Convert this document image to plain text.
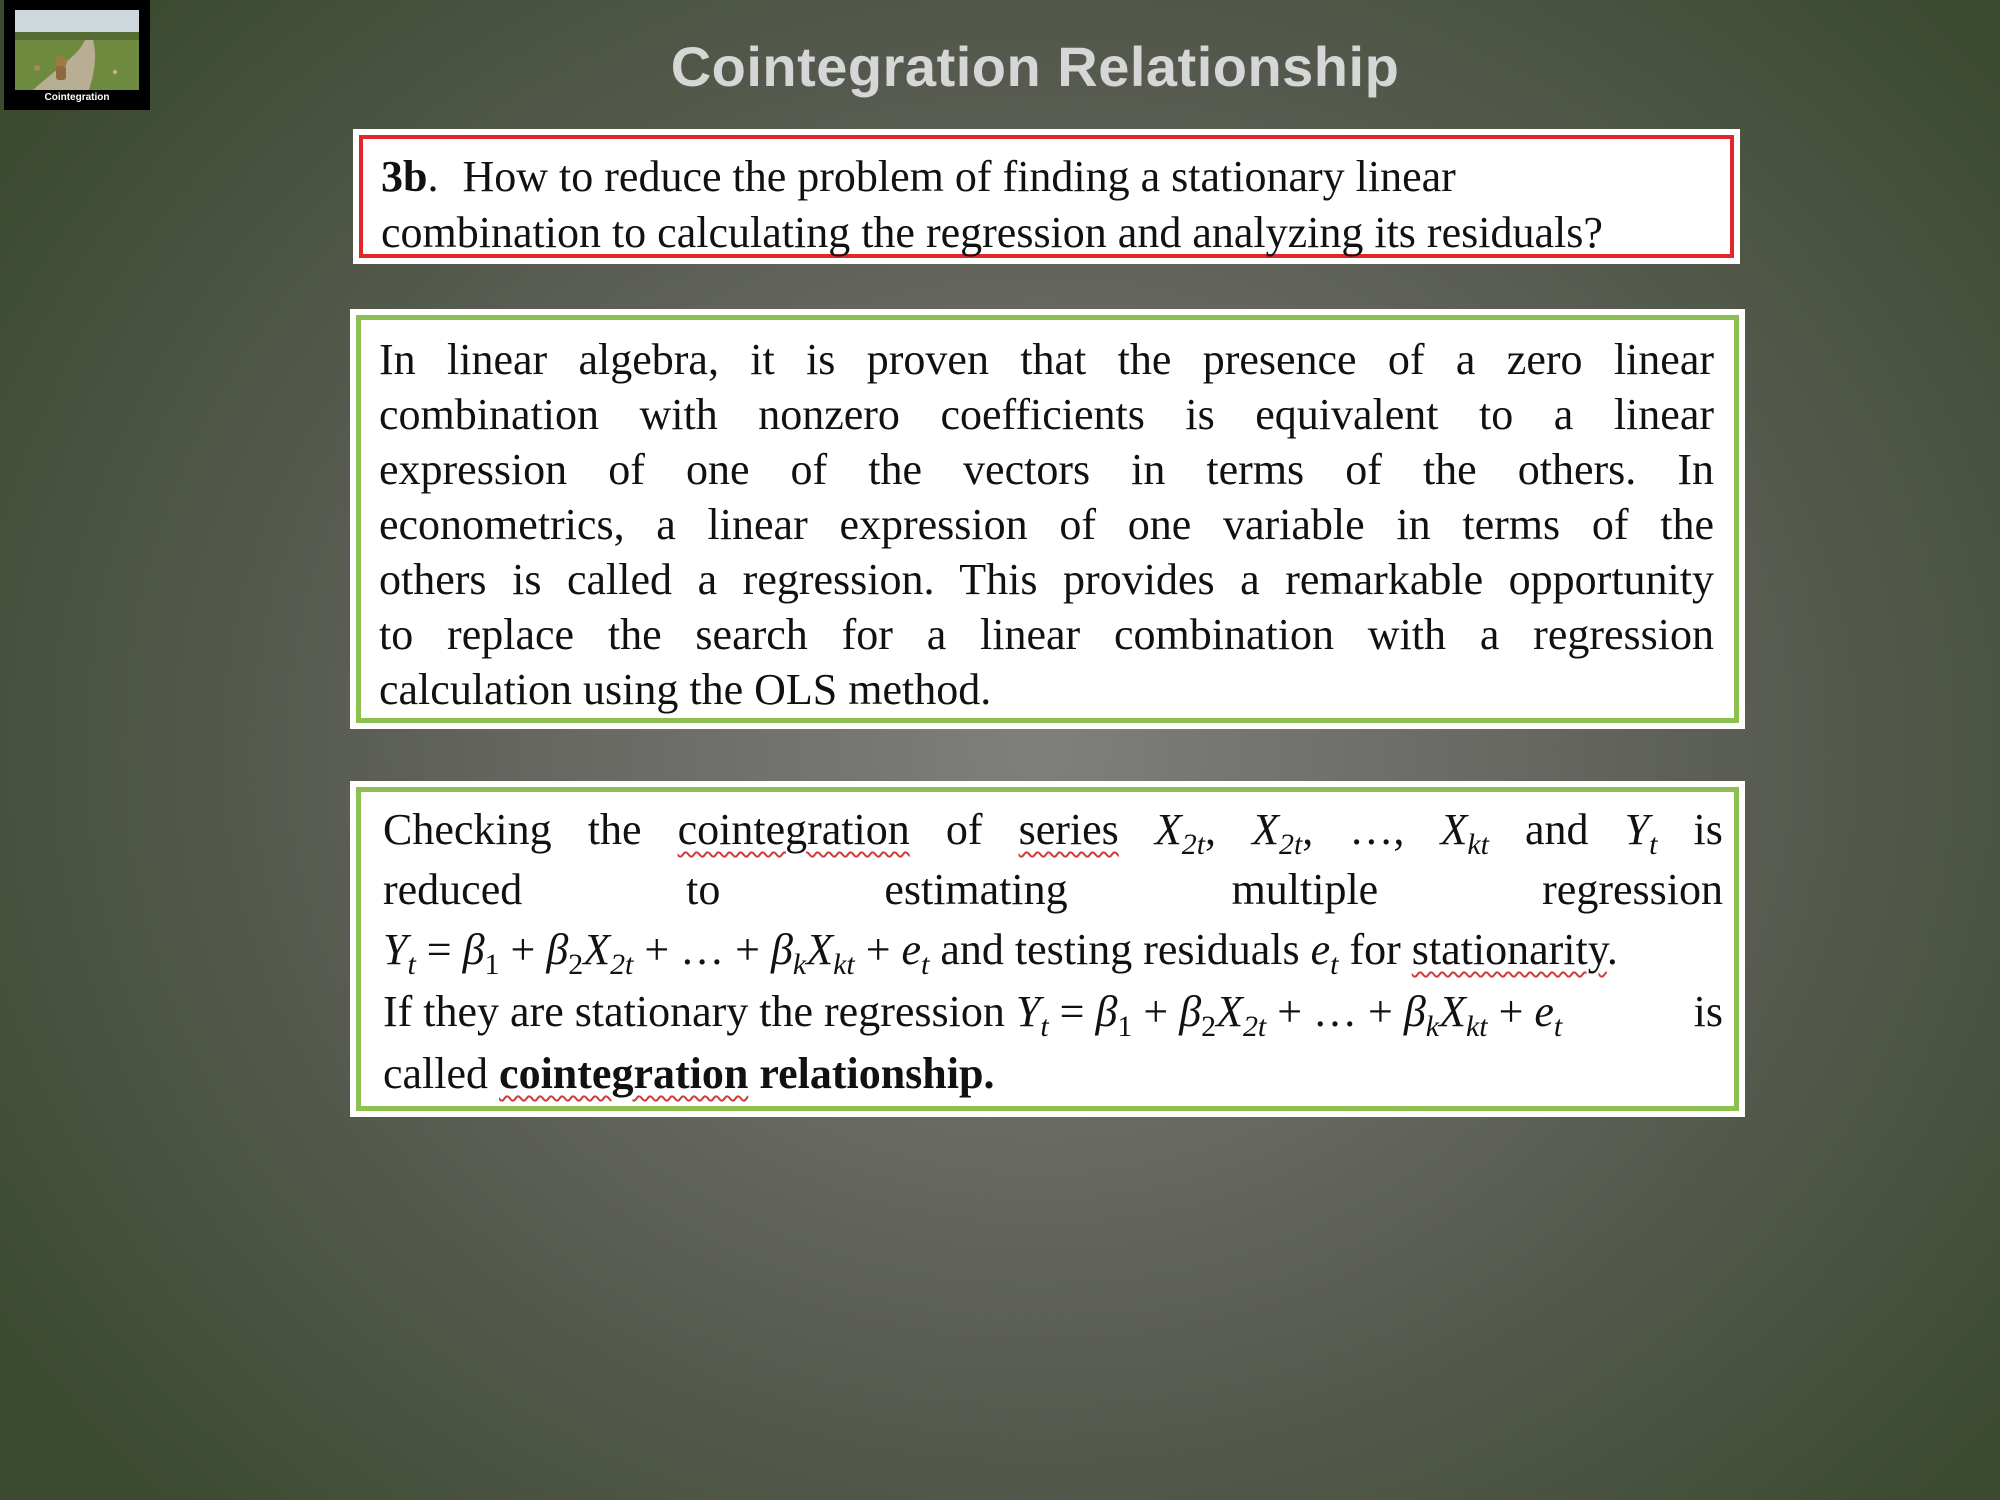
Cointegration	Cointegration Relationship
3b. How to reduce the problem of finding a stationary linear
combination to calculating the regression and analyzing its residuals?
In linear algebra, it is proven that the presence of a zero linear
combination with nonzero coefficients is equivalent to a linear
expression of one of the vectors in terms of the others. In
econometrics, a linear expression of one variable in terms of the
others is called a regression. This provides a remarkable opportunity
to replace the search for a linear combination with a regression
calculation using the OLS method.
Checking the cointegration of series $X_{2t}$, $X_{2t}$, …, $X_{kt}$ and $Y_t$ is
reduced	to	estimating	multiple	regression
$Y_t = \beta_1 + \beta_2X_{2t}$ + … + $\beta_kX_{kt} + e_t$ and testing residuals $e_t$ for stationarity.
If they are stationary the regression $Y_t = \beta_1 + \beta_2X_{2t}$ + … + $\beta_kX_{kt} + e_t$	is
called cointegration relationship.
